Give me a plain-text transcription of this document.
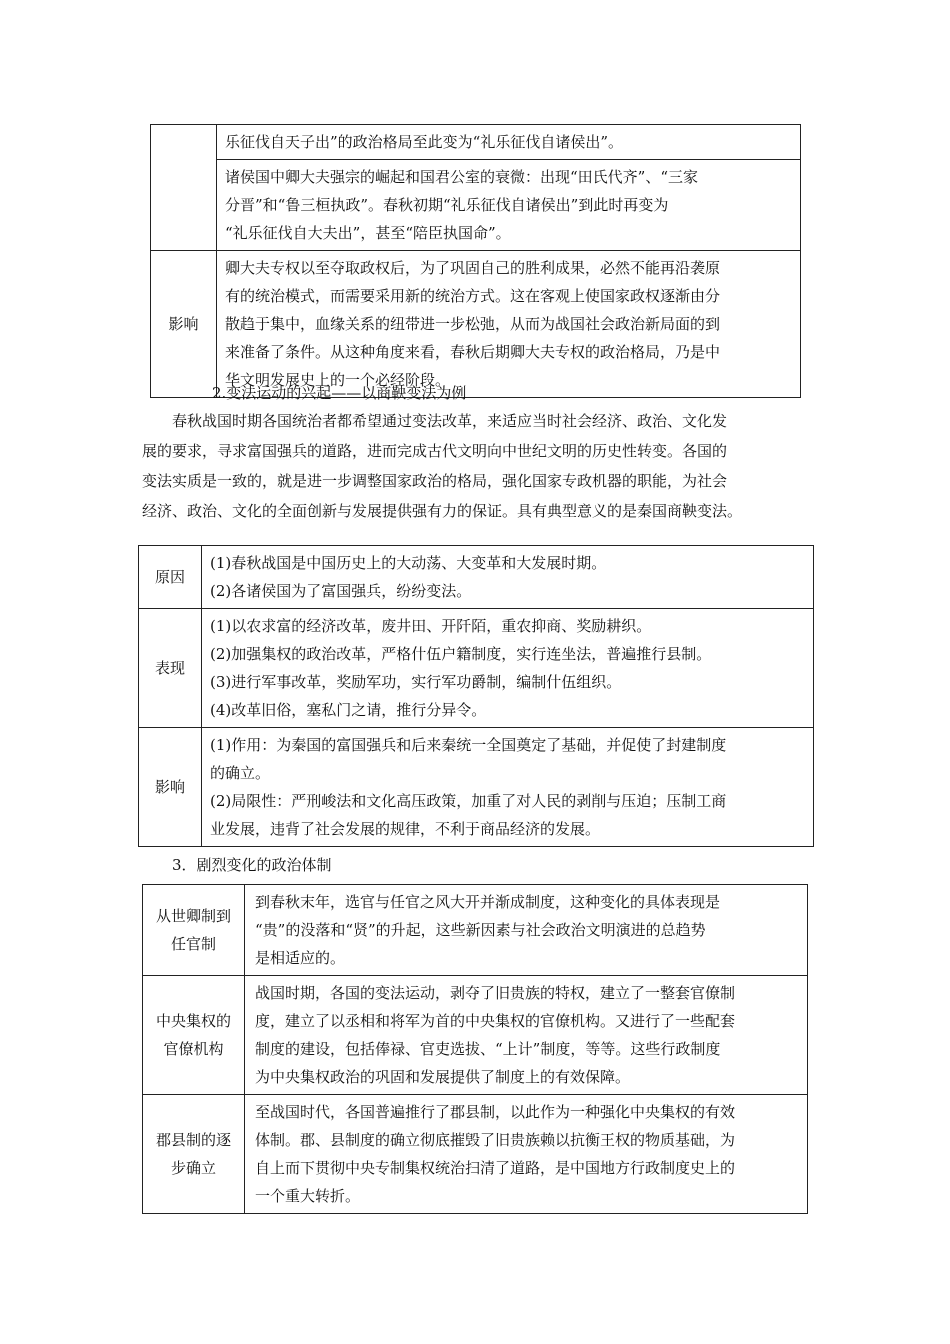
	乐征伐自天子出”的政治格局至此变为“礼乐征伐自诸侯出”。

	诸侯国中卿大夫强宗的崛起和国君公室的衰微：出现“田氏代齐”、“三家
分晋”和“鲁三桓执政”。春秋初期“礼乐征伐自诸侯出”到此时再变为
“礼乐征伐自大夫出”，甚至“陪臣执国命”。

影响	卿大夫专权以至夺取政权后，为了巩固自己的胜利成果，必然不能再沿袭原
有的统治模式，而需要采用新的统治方式。这在客观上使国家政权逐渐由分
散趋于集中，血缘关系的纽带进一步松弛，从而为战国社会政治新局面的到
来准备了条件。从这种角度来看，春秋后期卿大夫专权的政治格局，乃是中
华文明发展史上的一个必经阶段。
2.变法运动的兴起——以商鞅变法为例
春秋战国时期各国统治者都希望通过变法改革，来适应当时社会经济、政治、文化发
展的要求，寻求富国强兵的道路，进而完成古代文明向中世纪文明的历史性转变。各国的
变法实质是一致的，就是进一步调整国家政治的格局，强化国家专政机器的职能，为社会
经济、政治、文化的全面创新与发展提供强有力的保证。具有典型意义的是秦国商鞅变法。
原因	(1)春秋战国是中国历史上的大动荡、大变革和大发展时期。
(2)各诸侯国为了富国强兵，纷纷变法。

表现	(1)以农求富的经济改革，废井田、开阡陌，重农抑商、奖励耕织。
(2)加强集权的政治改革，严格什伍户籍制度，实行连坐法，普遍推行县制。
(3)进行军事改革，奖励军功，实行军功爵制，编制什伍组织。
(4)改革旧俗，塞私门之请，推行分异令。

影响	(1)作用：为秦国的富国强兵和后来秦统一全国奠定了基础，并促使了封建制度
的确立。
(2)局限性：严刑峻法和文化高压政策，加重了对人民的剥削与压迫；压制工商
业发展，违背了社会发展的规律，不利于商品经济的发展。
3．剧烈变化的政治体制
从世卿制到
任官制	到春秋末年，选官与任官之风大开并渐成制度，这种变化的具体表现是
“贵”的没落和“贤”的升起，这些新因素与社会政治文明演进的总趋势
是相适应的。

中央集权的
官僚机构	战国时期，各国的变法运动，剥夺了旧贵族的特权，建立了一整套官僚制
度，建立了以丞相和将军为首的中央集权的官僚机构。又进行了一些配套
制度的建设，包括俸禄、官吏选拔、“上计”制度，等等。这些行政制度
为中央集权政治的巩固和发展提供了制度上的有效保障。

郡县制的逐
步确立	至战国时代，各国普遍推行了郡县制，以此作为一种强化中央集权的有效
体制。郡、县制度的确立彻底摧毁了旧贵族赖以抗衡王权的物质基础，为
自上而下贯彻中央专制集权统治扫清了道路，是中国地方行政制度史上的
一个重大转折。
